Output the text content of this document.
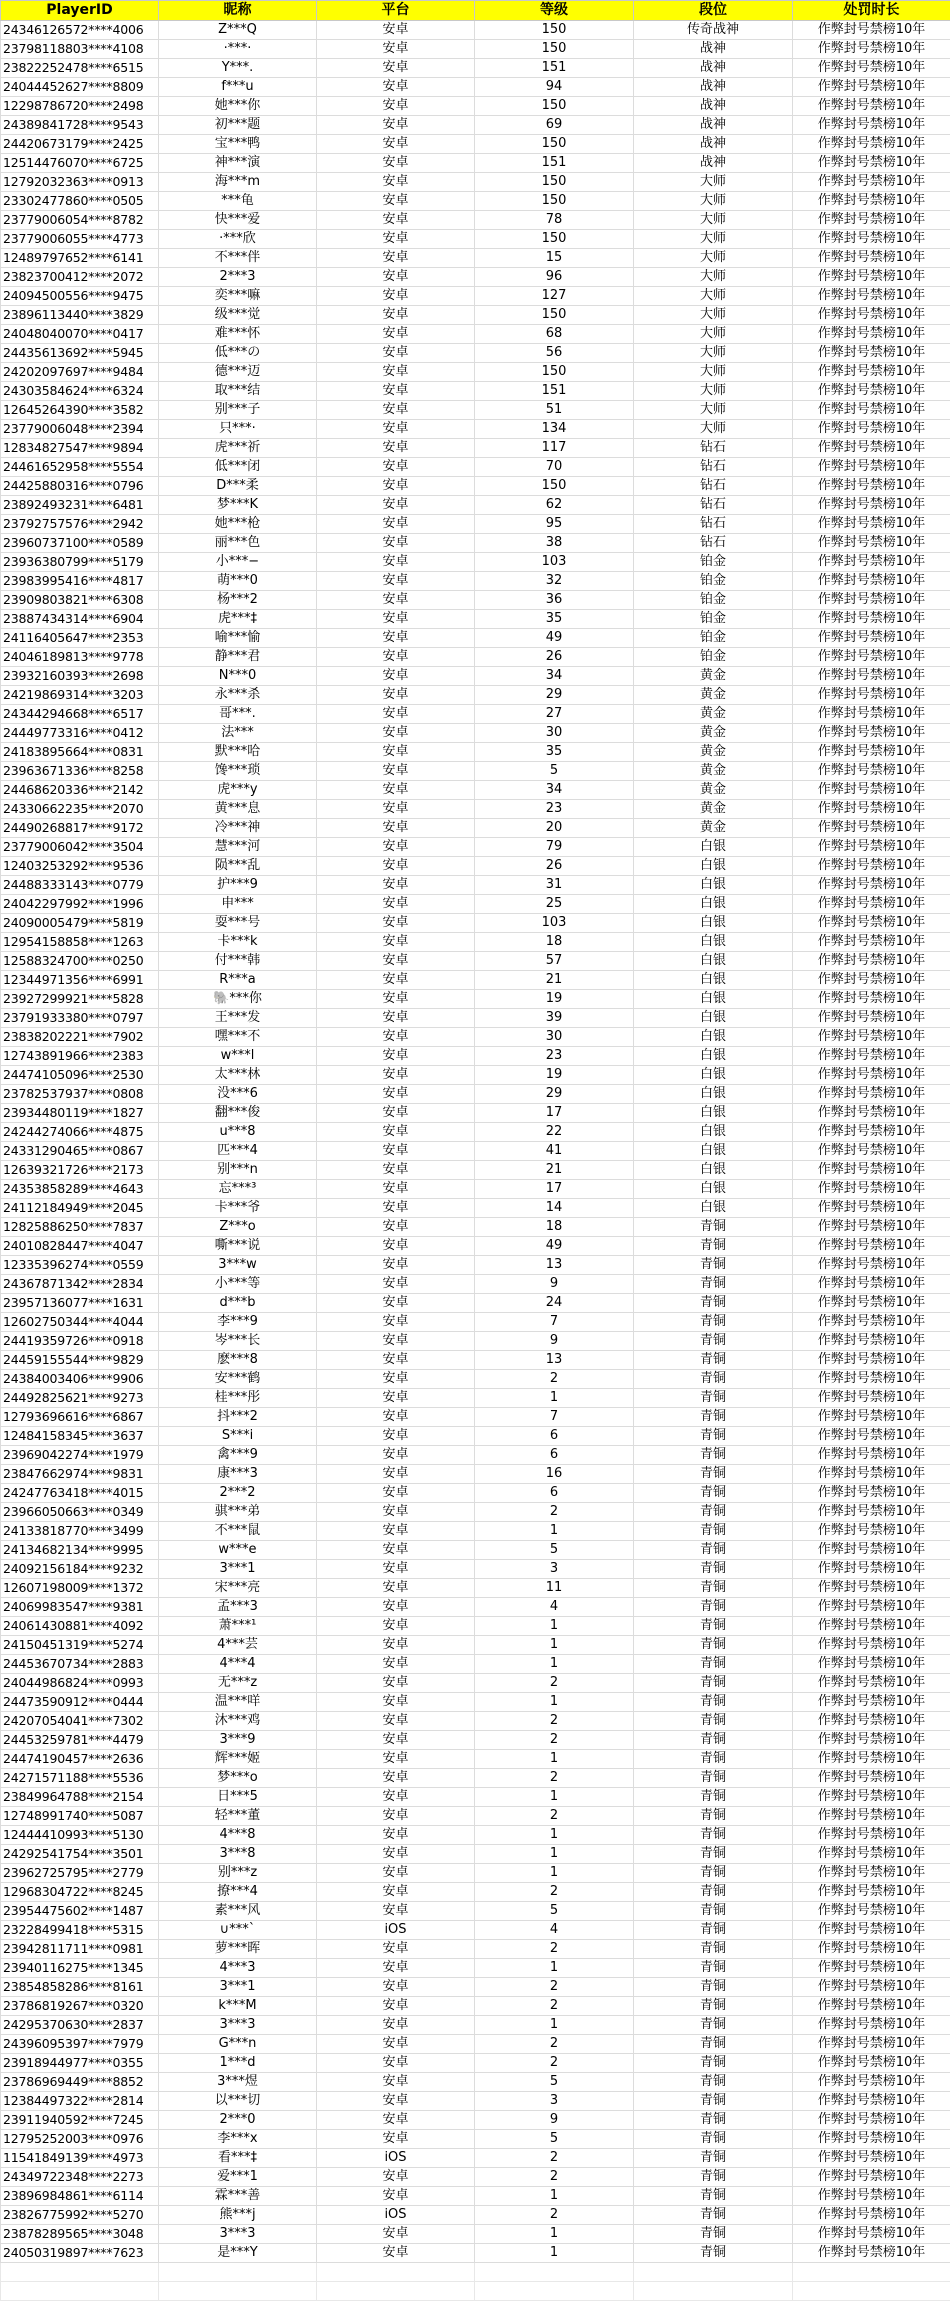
PlayerID	昵称	平台	等级	段位	处罚时长
24346126572****4006	Z***Q	安卓	150	传奇战神	作弊封号禁榜10年
23798118803****4108	·***·	安卓	150	战神	作弊封号禁榜10年
23822252478****6515	Y***.	安卓	151	战神	作弊封号禁榜10年
24044452627****8809	f***u	安卓	94	战神	作弊封号禁榜10年
12298786720****2498	她***你	安卓	150	战神	作弊封号禁榜10年
24389841728****9543	初***题	安卓	69	战神	作弊封号禁榜10年
24420673179****2425	宝***鸭	安卓	150	战神	作弊封号禁榜10年
12514476070****6725	神***演	安卓	151	战神	作弊封号禁榜10年
12792032363****0913	海***m	安卓	150	大师	作弊封号禁榜10年
23302477860****0505	***龟	安卓	150	大师	作弊封号禁榜10年
23779006054****8782	快***爱	安卓	78	大师	作弊封号禁榜10年
23779006055****4773	·***欣	安卓	150	大师	作弊封号禁榜10年
12489797652****6141	不***伴	安卓	15	大师	作弊封号禁榜10年
23823700412****2072	2***3	安卓	96	大师	作弊封号禁榜10年
24094500556****9475	奕***嘛	安卓	127	大师	作弊封号禁榜10年
23896113440****3829	级***觉	安卓	150	大师	作弊封号禁榜10年
24048040070****0417	难***怀	安卓	68	大师	作弊封号禁榜10年
24435613692****5945	低***の	安卓	56	大师	作弊封号禁榜10年
24202097697****9484	德***迈	安卓	150	大师	作弊封号禁榜10年
24303584624****6324	取***结	安卓	151	大师	作弊封号禁榜10年
12645264390****3582	别***子	安卓	51	大师	作弊封号禁榜10年
23779006048****2394	只***·	安卓	134	大师	作弊封号禁榜10年
12834827547****9894	虎***祈	安卓	117	钻石	作弊封号禁榜10年
24461652958****5554	低***闭	安卓	70	钻石	作弊封号禁榜10年
24425880316****0796	D***柔	安卓	150	钻石	作弊封号禁榜10年
23892493231****6481	梦***K	安卓	62	钻石	作弊封号禁榜10年
23792757576****2942	她***枪	安卓	95	钻石	作弊封号禁榜10年
23960737100****0589	丽***色	安卓	38	钻石	作弊封号禁榜10年
23936380799****5179	小***−	安卓	103	铂金	作弊封号禁榜10年
23983995416****4817	萌***0	安卓	32	铂金	作弊封号禁榜10年
23909803821****6308	杨***2	安卓	36	铂金	作弊封号禁榜10年
23887434314****6904	虎***‡	安卓	35	铂金	作弊封号禁榜10年
24116405647****2353	喻***愉	安卓	49	铂金	作弊封号禁榜10年
24046189813****9778	静***君	安卓	26	铂金	作弊封号禁榜10年
23932160393****2698	N***0	安卓	34	黄金	作弊封号禁榜10年
24219869314****3203	永***杀	安卓	29	黄金	作弊封号禁榜10年
24344294668****6517	哥***.	安卓	27	黄金	作弊封号禁榜10年
24449773316****0412	法***	安卓	30	黄金	作弊封号禁榜10年
24183895664****0831	默***哈	安卓	35	黄金	作弊封号禁榜10年
23963671336****8258	馋***琐	安卓	5	黄金	作弊封号禁榜10年
24468620336****2142	虎***y	安卓	34	黄金	作弊封号禁榜10年
24330662235****2070	黄***息	安卓	23	黄金	作弊封号禁榜10年
24490268817****9172	冷***神	安卓	20	黄金	作弊封号禁榜10年
23779006042****3504	慧***河	安卓	79	白银	作弊封号禁榜10年
12403253292****9536	陨***乱	安卓	26	白银	作弊封号禁榜10年
24488333143****0779	护***9	安卓	31	白银	作弊封号禁榜10年
24042297992****1996	申***	安卓	25	白银	作弊封号禁榜10年
24090005479****5819	耍***号	安卓	103	白银	作弊封号禁榜10年
12954158858****1263	卡***k	安卓	18	白银	作弊封号禁榜10年
12588324700****0250	付***韩	安卓	57	白银	作弊封号禁榜10年
12344971356****6991	R***a	安卓	21	白银	作弊封号禁榜10年
23927299921****5828	🐘***你	安卓	19	白银	作弊封号禁榜10年
23791933380****0797	王***发	安卓	39	白银	作弊封号禁榜10年
23838202221****7902	嘿***不	安卓	30	白银	作弊封号禁榜10年
12743891966****2383	w***l	安卓	23	白银	作弊封号禁榜10年
24474105096****2530	太***林	安卓	19	白银	作弊封号禁榜10年
23782537937****0808	没***6	安卓	29	白银	作弊封号禁榜10年
23934480119****1827	翻***俊	安卓	17	白银	作弊封号禁榜10年
24244274066****4875	u***8	安卓	22	白银	作弊封号禁榜10年
24331290465****0867	匹***4	安卓	41	白银	作弊封号禁榜10年
12639321726****2173	别***n	安卓	21	白银	作弊封号禁榜10年
24353858289****4643	忘***³	安卓	17	白银	作弊封号禁榜10年
24112184949****2045	卡***爷	安卓	14	白银	作弊封号禁榜10年
12825886250****7837	Z***o	安卓	18	青铜	作弊封号禁榜10年
24010828447****4047	嘶***说	安卓	49	青铜	作弊封号禁榜10年
12335396274****0559	3***w	安卓	13	青铜	作弊封号禁榜10年
24367871342****2834	小***等	安卓	9	青铜	作弊封号禁榜10年
23957136077****1631	d***b	安卓	24	青铜	作弊封号禁榜10年
12602750344****4044	李***9	安卓	7	青铜	作弊封号禁榜10年
24419359726****0918	岑***长	安卓	9	青铜	作弊封号禁榜10年
24459155544****9829	麽***8	安卓	13	青铜	作弊封号禁榜10年
24384003406****9906	安***鹤	安卓	2	青铜	作弊封号禁榜10年
24492825621****9273	桂***彤	安卓	1	青铜	作弊封号禁榜10年
12793696616****6867	抖***2	安卓	7	青铜	作弊封号禁榜10年
12484158345****3637	S***i	安卓	6	青铜	作弊封号禁榜10年
23969042274****1979	禽***9	安卓	6	青铜	作弊封号禁榜10年
23847662974****9831	康***3	安卓	16	青铜	作弊封号禁榜10年
24247763418****4015	2***2	安卓	6	青铜	作弊封号禁榜10年
23966050663****0349	骐***弟	安卓	2	青铜	作弊封号禁榜10年
24133818770****3499	不***鼠	安卓	1	青铜	作弊封号禁榜10年
24134682134****9995	w***e	安卓	5	青铜	作弊封号禁榜10年
24092156184****9232	3***1	安卓	3	青铜	作弊封号禁榜10年
12607198009****1372	宋***亮	安卓	11	青铜	作弊封号禁榜10年
24069983547****9381	孟***3	安卓	4	青铜	作弊封号禁榜10年
24061430881****4092	萧***¹	安卓	1	青铜	作弊封号禁榜10年
24150451319****5274	4***芸	安卓	1	青铜	作弊封号禁榜10年
24453670734****2883	4***4	安卓	1	青铜	作弊封号禁榜10年
24044986824****0993	无***z	安卓	2	青铜	作弊封号禁榜10年
24473590912****0444	温***咩	安卓	1	青铜	作弊封号禁榜10年
24207054041****7302	沐***鸡	安卓	2	青铜	作弊封号禁榜10年
24453259781****4479	3***9	安卓	2	青铜	作弊封号禁榜10年
24474190457****2636	辉***姬	安卓	1	青铜	作弊封号禁榜10年
24271571188****5536	梦***o	安卓	2	青铜	作弊封号禁榜10年
23849964788****2154	日***5	安卓	1	青铜	作弊封号禁榜10年
12748991740****5087	轻***董	安卓	2	青铜	作弊封号禁榜10年
12444410993****5130	4***8	安卓	1	青铜	作弊封号禁榜10年
24292541754****3501	3***8	安卓	1	青铜	作弊封号禁榜10年
23962725795****2779	别***z	安卓	1	青铜	作弊封号禁榜10年
12968304722****8245	撩***4	安卓	2	青铜	作弊封号禁榜10年
23954475602****1487	素***风	安卓	5	青铜	作弊封号禁榜10年
23228499418****5315	∪***`	iOS	4	青铜	作弊封号禁榜10年
23942811711****0981	萝***晖	安卓	2	青铜	作弊封号禁榜10年
23940116275****1345	4***3	安卓	1	青铜	作弊封号禁榜10年
23854858286****8161	3***1	安卓	2	青铜	作弊封号禁榜10年
23786819267****0320	k***M	安卓	2	青铜	作弊封号禁榜10年
24295370630****2837	3***3	安卓	1	青铜	作弊封号禁榜10年
24396095397****7979	G***n	安卓	2	青铜	作弊封号禁榜10年
23918944977****0355	1***d	安卓	2	青铜	作弊封号禁榜10年
23786969449****8852	3***煜	安卓	5	青铜	作弊封号禁榜10年
12384497322****2814	以***切	安卓	3	青铜	作弊封号禁榜10年
23911940592****7245	2***0	安卓	9	青铜	作弊封号禁榜10年
12795252003****0976	李***x	安卓	5	青铜	作弊封号禁榜10年
11541849139****4973	看***‡	iOS	2	青铜	作弊封号禁榜10年
24349722348****2273	爱***1	安卓	2	青铜	作弊封号禁榜10年
23896984861****6114	霖***善	安卓	1	青铜	作弊封号禁榜10年
23826775992****5270	熊***j	iOS	2	青铜	作弊封号禁榜10年
23878289565****3048	3***3	安卓	1	青铜	作弊封号禁榜10年
24050319897****7623	是***Y	安卓	1	青铜	作弊封号禁榜10年
